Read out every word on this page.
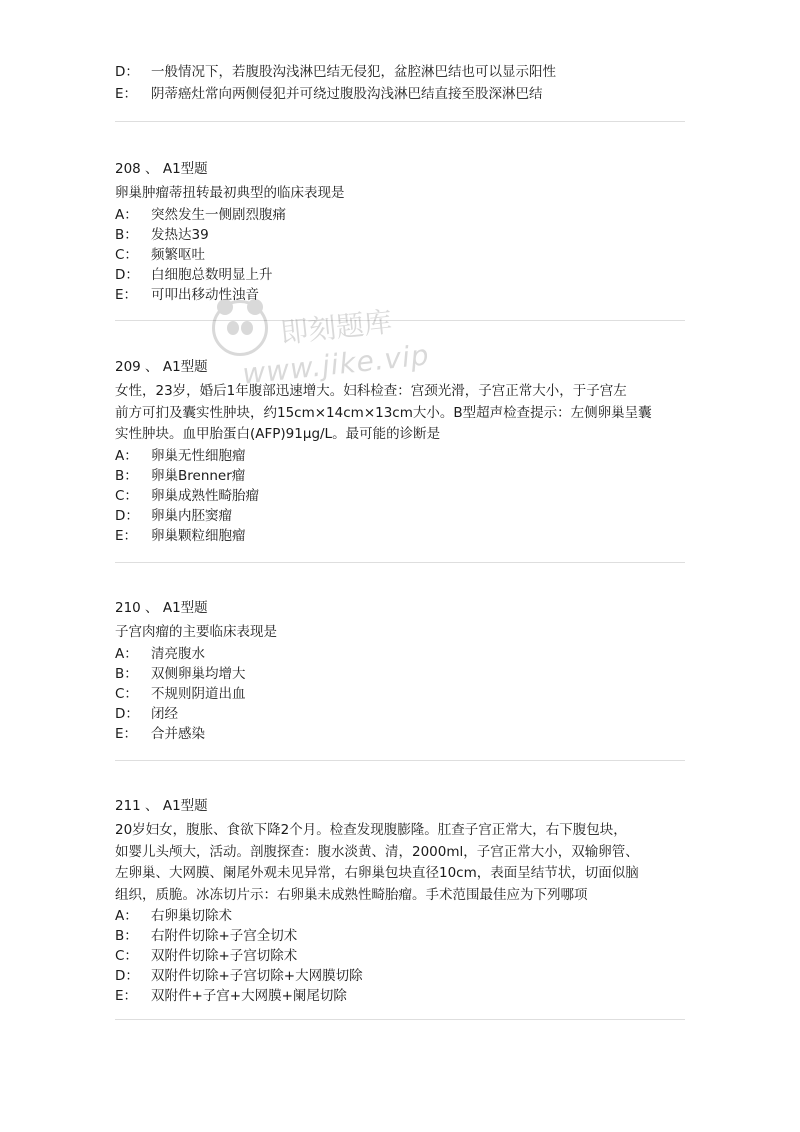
D： 一般情况下，若腹股沟浅淋巴结无侵犯，盆腔淋巴结也可以显示阳性
E：	阴蒂癌灶常向两侧侵犯并可绕过腹股沟浅淋巴结直接至股深淋巴结
208 、 A1型题
卵巢肿瘤蒂扭转最初典型的临床表现是
A： 突然发生一侧剧烈腹痛
B： 发热达39
C： 频繁呕吐
D： 白细胞总数明显上升
E：	可叩出移动性浊音
209 、 A1型题
女性，23岁，婚后1年腹部迅速增大。妇科检查：宫颈光滑，子宫正常大小，于子宫左
前方可扪及囊实性肿块，约15cm×14cm×13cm大小。B型超声检查提示：左侧卵巢呈囊
实性肿块。血甲胎蛋白(AFP)91μg/L。最可能的诊断是
A： 卵巢无性细胞瘤
B： 卵巢Brenner瘤
C： 卵巢成熟性畸胎瘤
D： 卵巢内胚窦瘤
E：	卵巢颗粒细胞瘤
210 、 A1型题
子宫肉瘤的主要临床表现是
A： 清亮腹水
B： 双侧卵巢均增大
C： 不规则阴道出血
D： 闭经
E：	合并感染
211 、 A1型题
20岁妇女，腹胀、食欲下降2个月。检查发现腹膨隆。肛查子宫正常大，右下腹包块，
如婴儿头颅大，活动。剖腹探查：腹水淡黄、清，2000ml，子宫正常大小，双输卵管、
左卵巢、大网膜、阑尾外观未见异常，右卵巢包块直径10cm，表面呈结节状，切面似脑
组织，质脆。冰冻切片示：右卵巢未成熟性畸胎瘤。手术范围最佳应为下列哪项
A： 右卵巢切除术
B： 右附件切除+子宫全切术
C： 双附件切除+子宫切除术
D： 双附件切除+子宫切除+大网膜切除
E：	双附件+子宫+大网膜+阑尾切除
即刻题库
www.jike.vip
